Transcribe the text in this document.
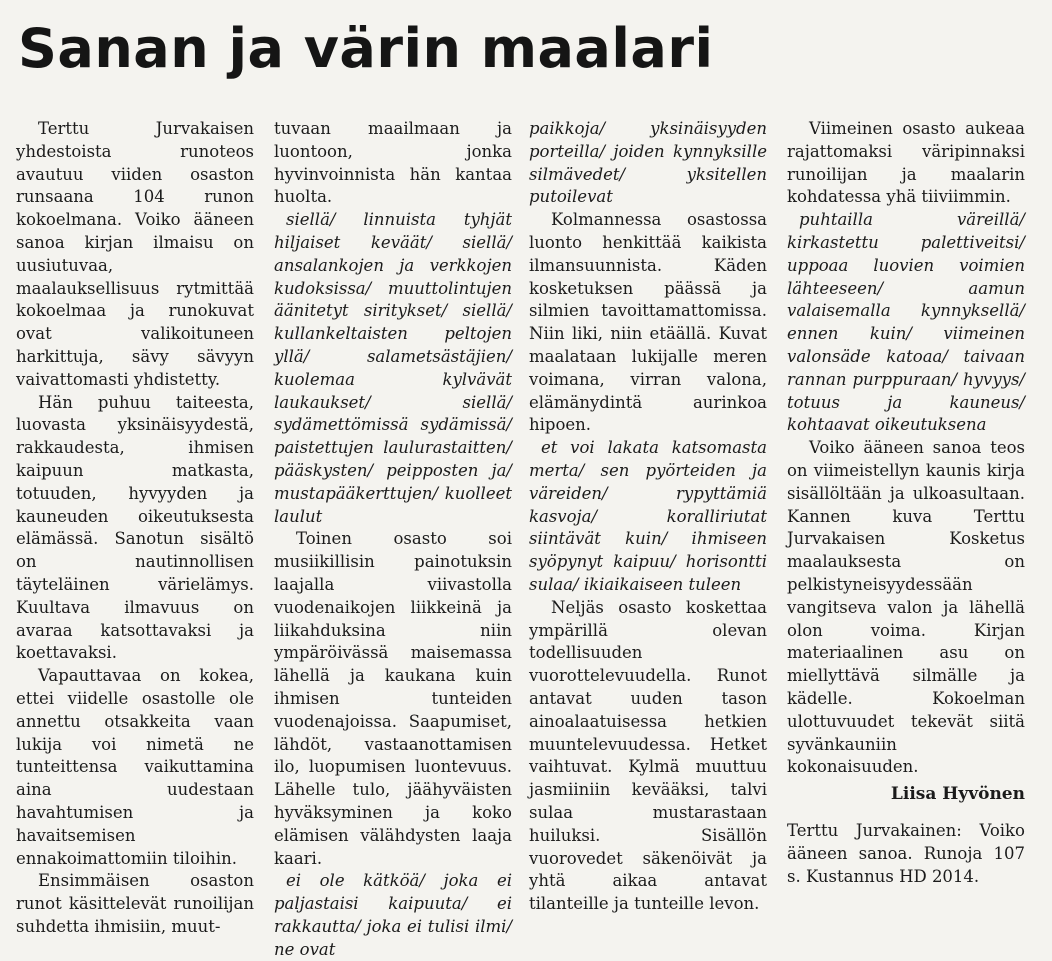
Sanan ja värin maalari

Terttu Jurvakaisen yhdestoista runoteos avautuu viiden osaston runsaana 104 runon kokoelmana. Voiko ääneen sanoa kirjan ilmaisu on uusiutuvaa, maalauksellisuus rytmittää kokoelmaa ja runokuvat ovat valikoituneen harkittuja, sävy sävyyn vaivattomasti yhdistetty.

Hän puhuu taiteesta, luovasta yksinäisyydestä, rakkaudesta, ihmisen kaipuun matkasta, totuuden, hyvyyden ja kauneuden oikeutuksesta elämässä. Sanotun sisältö on nautinnollisen täyteläinen värielämys. Kuultava ilmavuus on avaraa katsottavaksi ja koettavaksi.

Vapauttavaa on kokea, ettei viidelle osastolle ole annettu otsakkeita vaan lukija voi nimetä ne tunteittensa vaikuttamina aina uudestaan havahtumisen ja havaitsemisen ennakoimattomiin tiloihin.

Ensimmäisen osaston runot käsittelevät runoilijan suhdetta ihmisiin, muut-

tuvaan maailmaan ja luontoon, jonka hyvinvoinnista hän kantaa huolta.

siellä/ linnuista tyhjät hiljaiset keväät/ siellä/ ansalankojen ja verkkojen kudoksissa/ muuttolintujen äänitetyt siritykset/ siellä/ kullankeltaisten peltojen yllä/ salametsästäjien/ kuolemaa kylvävät laukaukset/ siellä/ sydämettömissä sydämissä/ paistettujen laulurastaitten/ pääskysten/ peipposten ja/ mustapääkerttujen/ kuolleet laulut

Toinen osasto soi musiikillisin painotuksin laajalla viivastolla vuodenaikojen liikkeinä ja liikahduksina niin ympäröivässä maisemassa lähellä ja kaukana kuin ihmisen tunteiden vuodenajoissa. Saapumiset, lähdöt, vastaanottamisen ilo, luopumisen luontevuus. Lähelle tulo, jäähyväisten hyväksyminen ja koko elämisen välähdysten laaja kaari.

ei ole kätköä/ joka ei paljastaisi kaipuuta/ ei rakkautta/ joka ei tulisi ilmi/ ne ovat

paikkoja/ yksinäisyyden porteilla/ joiden kynnyksille silmävedet/ yksitellen putoilevat

Kolmannessa osastossa luonto henkittää kaikista ilmansuunnista. Käden kosketuksen päässä ja silmien tavoittamattomissa. Niin liki, niin etäällä. Kuvat maalataan lukijalle meren voimana, virran valona, elämänydintä aurinkoa hipoen.

et voi lakata katsomasta merta/ sen pyörteiden ja väreiden/ rypyttämiä kasvoja/ koralliriutat siintävät kuin/ ihmiseen syöpynyt kaipuu/ horisontti sulaa/ ikiaikaiseen tuleen

Neljäs osasto koskettaa ympärillä olevan todellisuuden vuorottelevuudella. Runot antavat uuden tason ainoalaatuisessa hetkien muuntelevuudessa. Hetket vaihtuvat. Kylmä muuttuu jasmiiniin kevääksi, talvi sulaa mustarastaan huiluksi. Sisällön vuorovedet säkenöivät ja yhtä aikaa antavat tilanteille ja tunteille levon.

Viimeinen osasto aukeaa rajattomaksi väripinnaksi runoilijan ja maalarin kohdatessa yhä tiiviimmin.

puhtailla väreillä/ kirkastettu palettiveitsi/ uppoaa luovien voimien lähteeseen/ aamun valaisemalla kynnyksellä/ ennen kuin/ viimeinen valonsäde katoaa/ taivaan rannan purppuraan/ hyvyys/ totuus ja kauneus/ kohtaavat oikeutuksena

Voiko ääneen sanoa teos on viimeistellyn kaunis kirja sisällöltään ja ulkoasultaan. Kannen kuva Terttu Jurvakaisen Kosketus maalauksesta on pelkistyneisyydessään vangitseva valon ja lähellä olon voima. Kirjan materiaalinen asu on miellyttävä silmälle ja kädelle. Kokoelman ulottuvuudet tekevät siitä syvänkauniin kokonaisuuden.

Liisa Hyvönen

Terttu Jurvakainen: Voiko ääneen sanoa. Runoja 107 s. Kustannus HD 2014.
